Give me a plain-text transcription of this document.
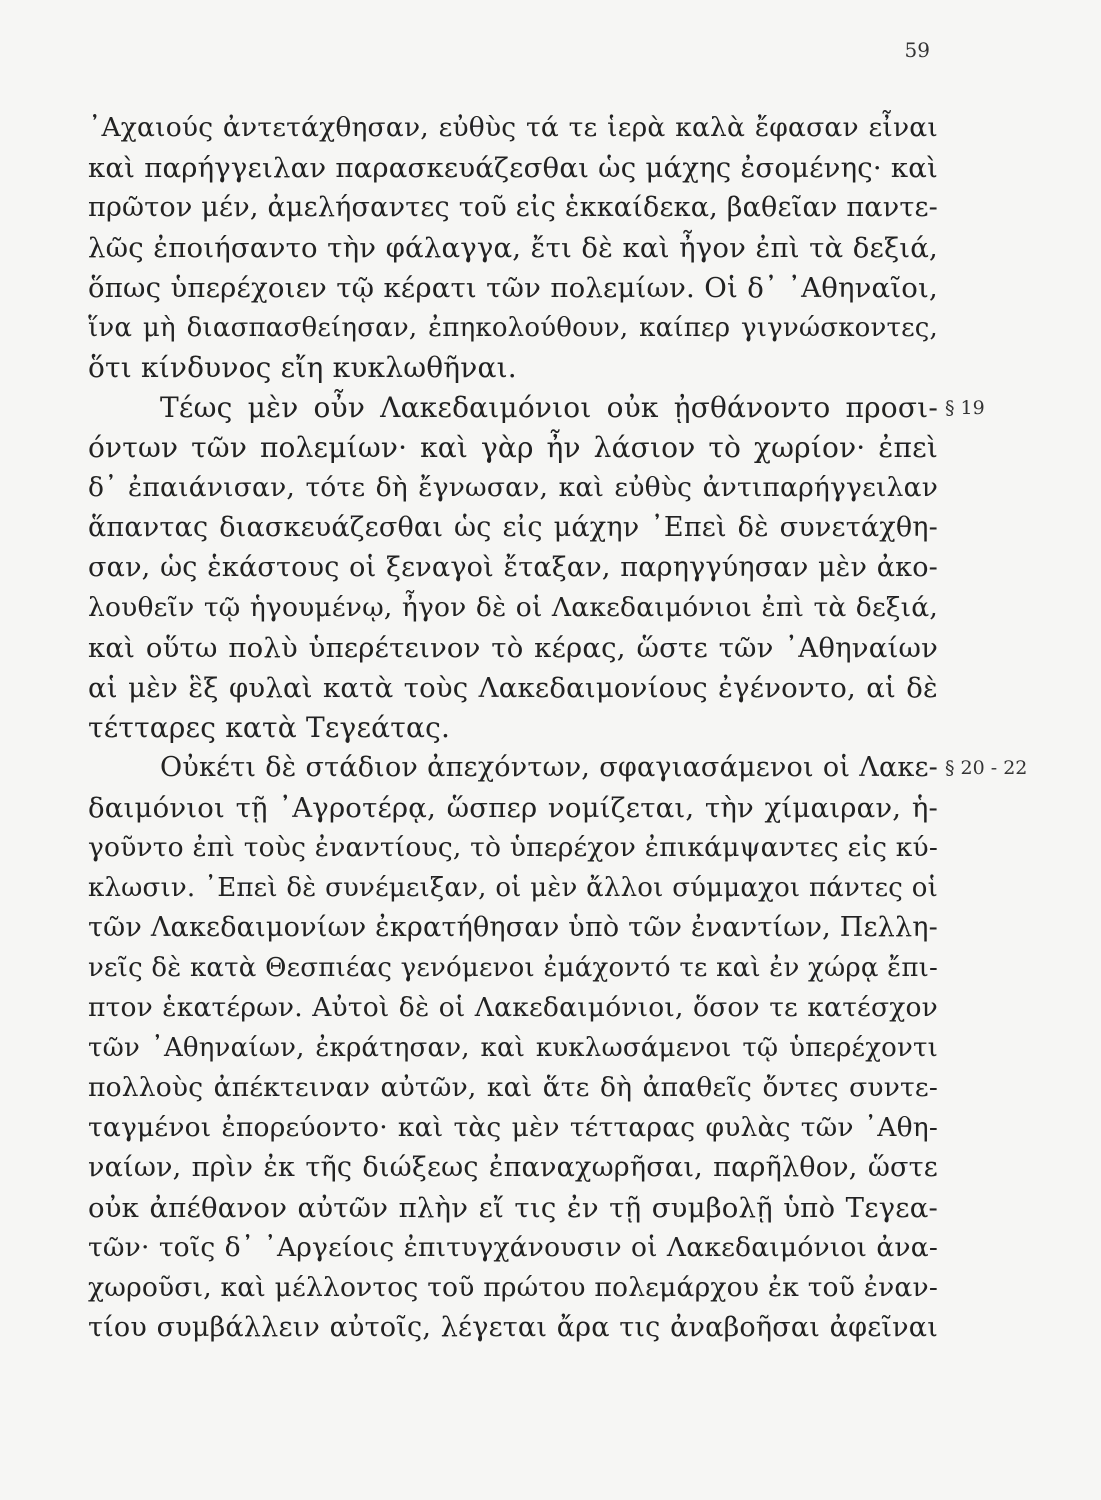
59
᾿Αχαιούς ἀντετάχθησαν, εὐθὺς τά τε ἱερὰ καλὰ ἔφασαν εἶναι
καὶ παρήγγειλαν παρασκευάζεσθαι ὡς μάχης ἐσομένης· καὶ
πρῶτον μέν, ἀμελήσαντες τοῦ εἰς ἑκκαίδεκα, βαθεῖαν παντε-
λῶς ἐποιήσαντο τὴν φάλαγγα, ἔτι δὲ καὶ ἦγον ἐπὶ τὰ δεξιά,
ὅπως ὑπερέχοιεν τῷ κέρατι τῶν πολεμίων. Οἱ δ᾿ ᾿Αθηναῖοι,
ἵνα μὴ διασπασθείησαν, ἐπηκολούθουν, καίπερ γιγνώσκοντες,
ὅτι κίνδυνος εἴη κυκλωθῆναι.
Τέως μὲν οὖν Λακεδαιμόνιοι οὐκ ᾐσθάνοντο προσι-
όντων τῶν πολεμίων· καὶ γὰρ ἦν λάσιον τὸ χωρίον· ἐπεὶ
δ᾿ ἐπαιάνισαν, τότε δὴ ἔγνωσαν, καὶ εὐθὺς ἀντιπαρήγγειλαν
ἅπαντας διασκευάζεσθαι ὡς εἰς μάχην ᾿Επεὶ δὲ συνετάχθη-
σαν, ὡς ἑκάστους οἱ ξεναγοὶ ἔταξαν, παρηγγύησαν μὲν ἀκο-
λουθεῖν τῷ ἡγουμένῳ, ἦγον δὲ οἱ Λακεδαιμόνιοι ἐπὶ τὰ δεξιά,
καὶ οὕτω πολὺ ὑπερέτεινον τὸ κέρας, ὥστε τῶν ᾿Αθηναίων
αἱ μὲν ἓξ φυλαὶ κατὰ τοὺς Λακεδαιμονίους ἐγένοντο, αἱ δὲ
τέτταρες κατὰ Τεγεάτας.
Οὐκέτι δὲ στάδιον ἀπεχόντων, σφαγιασάμενοι οἱ Λακε-
δαιμόνιοι τῇ ᾿Αγροτέρᾳ, ὥσπερ νομίζεται, τὴν χίμαιραν, ἡ-
γοῦντο ἐπὶ τοὺς ἐναντίους, τὸ ὑπερέχον ἐπικάμψαντες εἰς κύ-
κλωσιν. ᾿Επεὶ δὲ συνέμειξαν, οἱ μὲν ἄλλοι σύμμαχοι πάντες οἱ
τῶν Λακεδαιμονίων ἐκρατήθησαν ὑπὸ τῶν ἐναντίων, Πελλη-
νεῖς δὲ κατὰ Θεσπιέας γενόμενοι ἐμάχοντό τε καὶ ἐν χώρᾳ ἔπι-
πτον ἑκατέρων. Αὐτοὶ δὲ οἱ Λακεδαιμόνιοι, ὅσον τε κατέσχον
τῶν ᾿Αθηναίων, ἐκράτησαν, καὶ κυκλωσάμενοι τῷ ὑπερέχοντι
πολλοὺς ἀπέκτειναν αὐτῶν, καὶ ἅτε δὴ ἀπαθεῖς ὄντες συντε-
ταγμένοι ἐπορεύοντο· καὶ τὰς μὲν τέτταρας φυλὰς τῶν ᾿Αθη-
ναίων, πρὶν ἐκ τῆς διώξεως ἐπαναχωρῆσαι, παρῆλθον, ὥστε
οὐκ ἀπέθανον αὐτῶν πλὴν εἴ τις ἐν τῇ συμβολῇ ὑπὸ Τεγεα-
τῶν· τοῖς δ᾿ ᾿Αργείοις ἐπιτυγχάνουσιν οἱ Λακεδαιμόνιοι ἀνα-
χωροῦσι, καὶ μέλλοντος τοῦ πρώτου πολεμάρχου ἐκ τοῦ ἐναν-
τίου συμβάλλειν αὐτοῖς, λέγεται ἄρα τις ἀναβοῆσαι ἀφεῖναι
§ 19
§ 20 - 22
